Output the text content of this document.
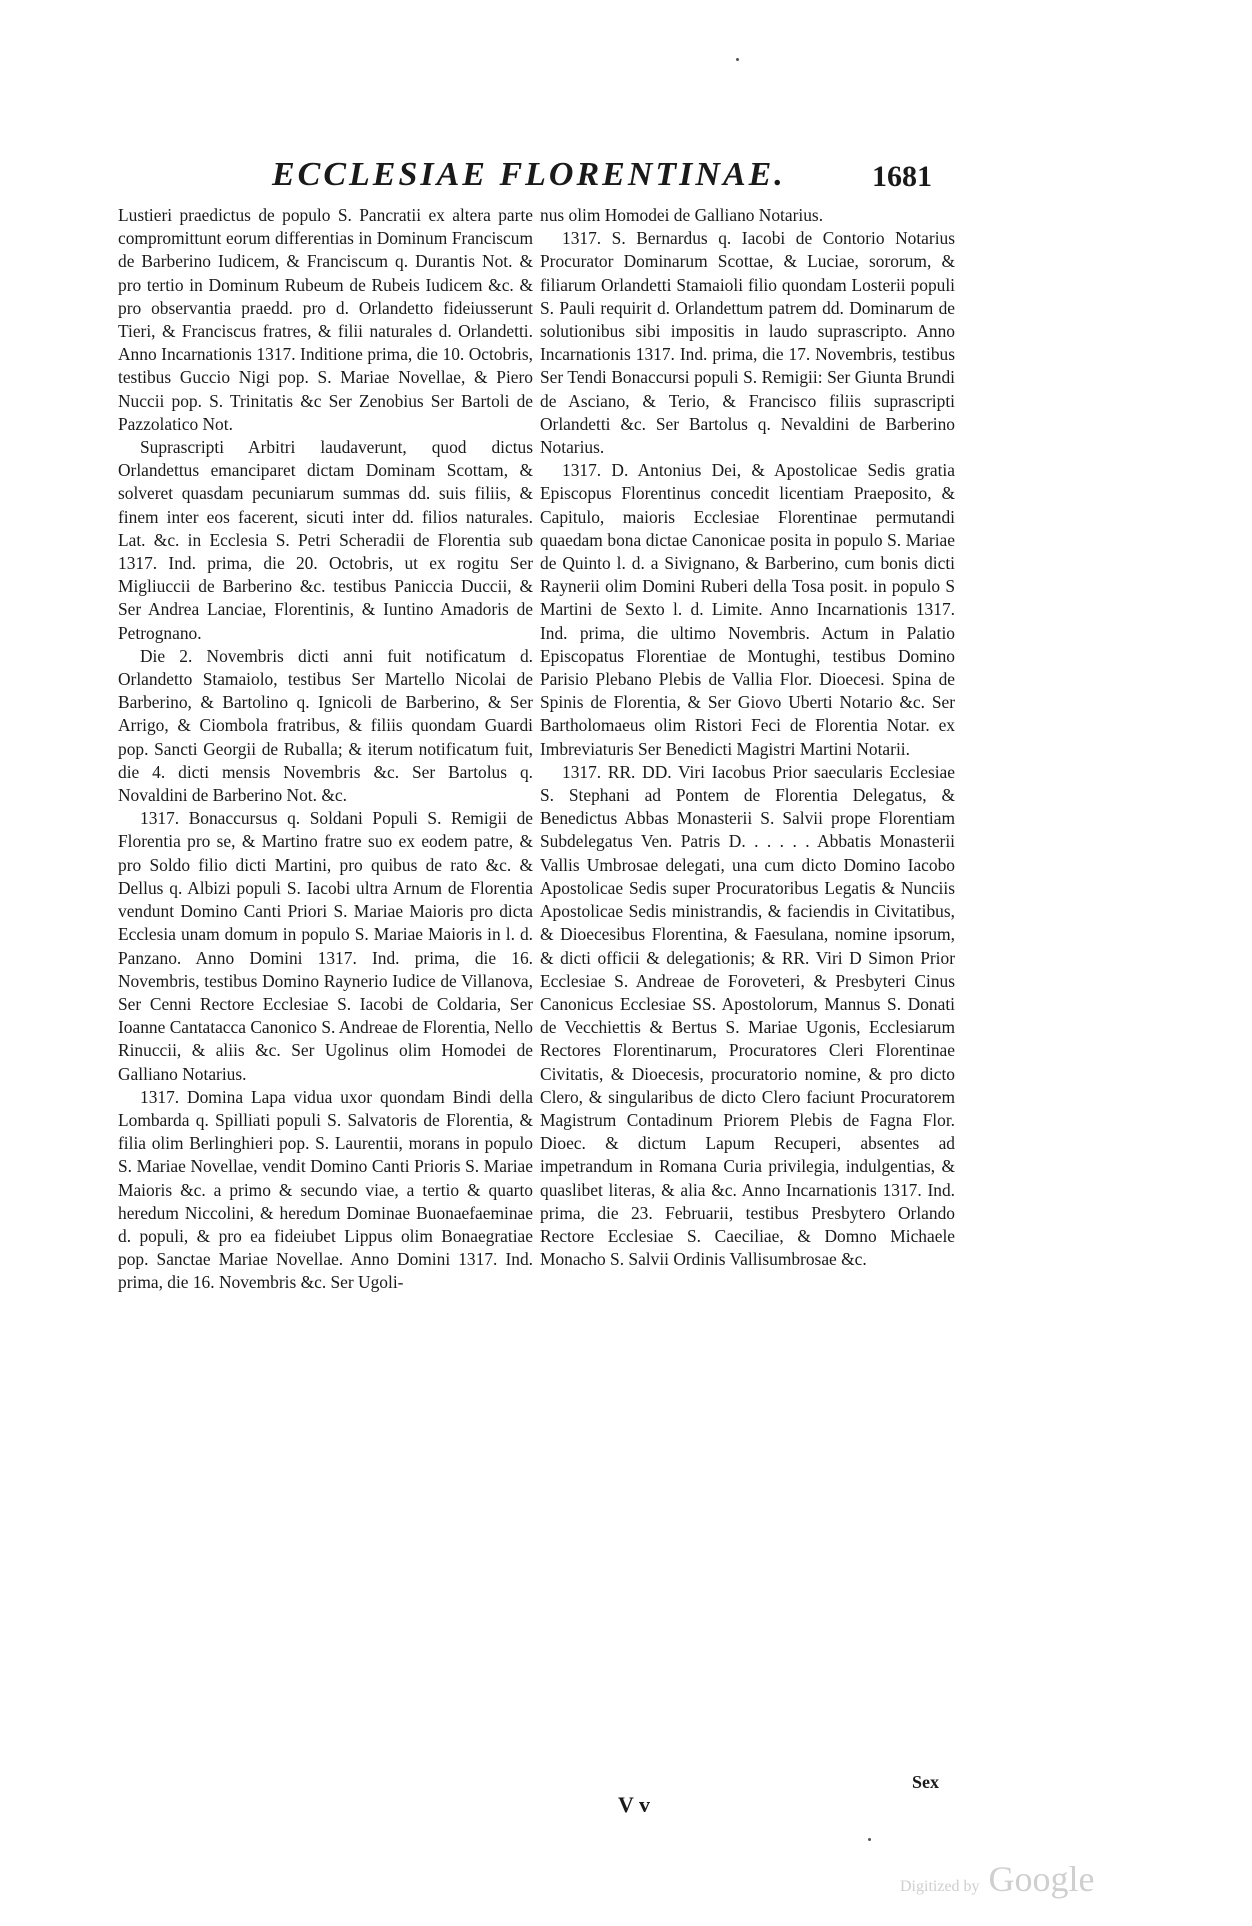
ECCLESIAE FLORENTINAE.	1681

Lustieri praedictus de populo S. Pancratii ex altera parte compromittunt eorum differentias in Dominum Franciscum de Barberino Iudicem, & Franciscum q. Durantis Not. & pro tertio in Dominum Rubeum de Rubeis Iudicem &c. & pro observantia praedd. pro d. Orlandetto fideiusserunt Tieri, & Franciscus fratres, & filii naturales d. Orlandetti. Anno Incarnationis 1317. Inditione prima, die 10. Octobris, testibus Guccio Nigi pop. S. Mariae Novellae, & Piero Nuccii pop. S. Trinitatis &c Ser Zenobius Ser Bartoli de Pazzolatico Not.

Suprascripti Arbitri laudaverunt, quod dictus Orlandettus emanciparet dictam Dominam Scottam, & solveret quasdam pecuniarum summas dd. suis filiis, & finem inter eos facerent, sicuti inter dd. filios naturales. Lat. &c. in Ecclesia S. Petri Scheradii de Florentia sub 1317. Ind. prima, die 20. Octobris, ut ex rogitu Ser Migliuccii de Barberino &c. testibus Paniccia Duccii, & Ser Andrea Lanciae, Florentinis, & Iuntino Amadoris de Petrognano.

Die 2. Novembris dicti anni fuit notificatum d. Orlandetto Stamaiolo, testibus Ser Martello Nicolai de Barberino, & Bartolino q. Ignicoli de Barberino, & Ser Arrigo, & Ciombola fratribus, & filiis quondam Guardi pop. Sancti Georgii de Ruballa; & iterum notificatum fuit, die 4. dicti mensis Novembris &c. Ser Bartolus q. Novaldini de Barberino Not. &c.

1317. Bonaccursus q. Soldani Populi S. Remigii de Florentia pro se, & Martino fratre suo ex eodem patre, & pro Soldo filio dicti Martini, pro quibus de rato &c. & Dellus q. Albizi populi S. Iacobi ultra Arnum de Florentia vendunt Domino Canti Priori S. Mariae Maioris pro dicta Ecclesia unam domum in populo S. Mariae Maioris in l. d. Panzano. Anno Domini 1317. Ind. prima, die 16. Novembris, testibus Domino Raynerio Iudice de Villanova, Ser Cenni Rectore Ecclesiae S. Iacobi de Coldaria, Ser Ioanne Cantatacca Canonico S. Andreae de Florentia, Nello Rinuccii, & aliis &c. Ser Ugolinus olim Homodei de Galliano Notarius.

1317. Domina Lapa vidua uxor quondam Bindi della Lombarda q. Spilliati populi S. Salvatoris de Florentia, & filia olim Berlinghieri pop. S. Laurentii, morans in populo S. Mariae Novellae, vendit Domino Canti Prioris S. Mariae Maioris &c. a primo & secundo viae, a tertio & quarto heredum Niccolini, & heredum Dominae Buonaefaeminae d. populi, & pro ea fideiubet Lippus olim Bonaegratiae pop. Sanctae Mariae Novellae. Anno Domini 1317. Ind. prima, die 16. Novembris &c. Ser Ugoli-

nus olim Homodei de Galliano Notarius.

1317. S. Bernardus q. Iacobi de Contorio Notarius Procurator Dominarum Scottae, & Luciae, sororum, & filiarum Orlandetti Stamaioli filio quondam Losterii populi S. Pauli requirit d. Orlandettum patrem dd. Dominarum de solutionibus sibi impositis in laudo suprascripto. Anno Incarnationis 1317. Ind. prima, die 17. Novembris, testibus Ser Tendi Bonaccursi populi S. Remigii: Ser Giunta Brundi de Ascianο, & Terio, & Francisco filiis suprascripti Orlandetti &c. Ser Bartolus q. Nevaldini de Barberino Notarius.

1317. D. Antonius Dei, & Apostolicae Sedis gratia Episcopus Florentinus concedit licentiam Praeposito, & Capitulo, maioris Ecclesiae Florentinae permutandi quaedam bona dictae Canonicae posita in populo S. Mariae de Quinto l. d. a Sivignano, & Barberino, cum bonis dicti Raynerii olim Domini Ruberi della Tosa posit. in populo S Martini de Sexto l. d. Limite. Anno Incarnationis 1317. Ind. prima, die ultimo Novembris. Actum in Palatio Episcopatus Florentiae de Montughi, testibus Domino Parisio Plebano Plebis de Vallia Flor. Dioecesi. Spina de Spinis de Florentia, & Ser Giovo Uberti Notario &c. Ser Bartholomaeus olim Ristori Feci de Florentia Notar. ex Imbreviaturis Ser Benedicti Magistri Martini Notarii.

1317. RR. DD. Viri Iacobus Prior saecularis Ecclesiae S. Stephani ad Pontem de Florentia Delegatus, & Benedictus Abbas Monasterii S. Salvii prope Florentiam Subdelegatus Ven. Patris D. . . . . . Abbatis Monasterii Vallis Umbrosae delegati, una cum dicto Domino Iacobo Apostolicae Sedis super Procuratoribus Legatis & Nunciis Apostolicae Sedis ministrandis, & faciendis in Civitatibus, & Dioecesibus Florentina, & Faesulana, nomine ipsorum, & dicti officii & delegationis; & RR. Viri D Simon Prior Ecclesiae S. Andreae de Foroveteri, & Presbyteri Cinus Canonicus Ecclesiae SS. Apostolorum, Mannus S. Donati de Vecchiettis & Bertus S. Mariae Ugonis, Ecclesiarum Rectores Florentinarum, Procuratores Cleri Florentinae Civitatis, & Dioecesis, procuratorio nomine, & pro dicto Clero, & singularibus de dicto Clero faciunt Procuratorem Magistrum Contadinum Priorem Plebis de Fagna Flor. Dioec. & dictum Lapum Recuperi, absentes ad impetrandum in Romana Curia privilegia, indulgentias, & quaslibet literas, & alia &c. Anno Incarnationis 1317. Ind. prima, die 23. Februarii, testibus Presbytero Orlando Rectore Ecclesiae S. Caeciliae, & Domno Michaele Monacho S. Salvii Ordinis Vallisumbrosae &c.

V v
Sex
Digitized by Google
